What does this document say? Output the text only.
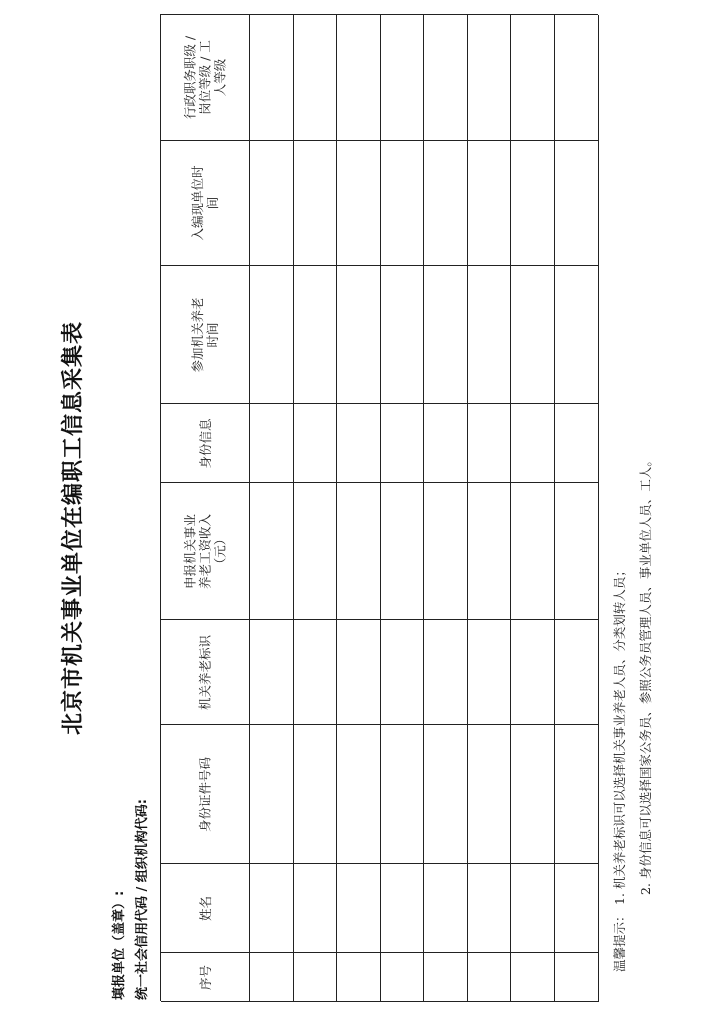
北京市机关事业单位在编职工信息采集表
填报单位（盖章）: 统一社会信用代码 / 组织机构代码:	序号
姓名
身份证件号码
机关养老标识
申报机关事业养老工资收入（元）
身份信息
参加机关养老时间
入编现单位时间
行政职务职级 / 岗位等级 / 工人等级
温馨提示：
1. 机关养老标识可以选择机关事业养老人员、分类划转人员； 2. 身份信息可以选择国家公务员、参照公务员管理人员、事业单位人员、工人。
